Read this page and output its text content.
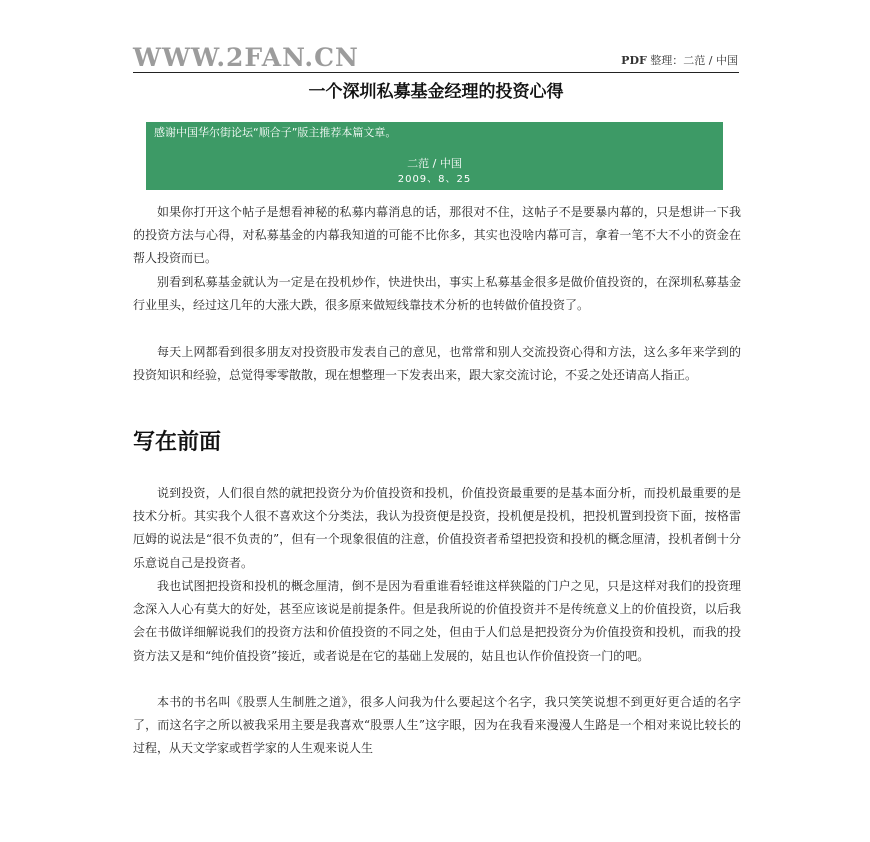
WWW.2FAN.CN	PDF 整理：二范 / 中国
一个深圳私募基金经理的投资心得
感谢中国华尔街论坛“顺合子”版主推荐本篇文章。
二范 / 中国
2009、8、25

如果你打开这个帖子是想看神秘的私募内幕消息的话，那很对不住，这帖子不是要暴内幕的，只是想讲一下我的投资方法与心得，对私募基金的内幕我知道的可能不比你多，其实也没啥内幕可言，拿着一笔不大不小的资金在帮人投资而已。

别看到私募基金就认为一定是在投机炒作，快进快出，事实上私募基金很多是做价值投资的，在深圳私募基金行业里头，经过这几年的大涨大跌，很多原来做短线靠技术分析的也转做价值投资了。

每天上网都看到很多朋友对投资股市发表自己的意见，也常常和别人交流投资心得和方法，这么多年来学到的投资知识和经验，总觉得零零散散，现在想整理一下发表出来，跟大家交流讨论，不妥之处还请高人指正。

写在前面

说到投资，人们很自然的就把投资分为价值投资和投机，价值投资最重要的是基本面分析，而投机最重要的是技术分析。其实我个人很不喜欢这个分类法，我认为投资便是投资，投机便是投机，把投机置到投资下面，按格雷厄姆的说法是“很不负责的”，但有一个现象很值的注意，价值投资者希望把投资和投机的概念厘清，投机者倒十分乐意说自己是投资者。

我也试图把投资和投机的概念厘清，倒不是因为看重谁看轻谁这样狭隘的门户之见，只是这样对我们的投资理念深入人心有莫大的好处，甚至应该说是前提条件。但是我所说的价值投资并不是传统意义上的价值投资，以后我会在书做详细解说我们的投资方法和价值投资的不同之处，但由于人们总是把投资分为价值投资和投机，而我的投资方法又是和“纯价值投资”接近，或者说是在它的基础上发展的，姑且也认作价值投资一门的吧。

本书的书名叫《股票人生制胜之道》，很多人问我为什么要起这个名字，我只笑笑说想不到更好更合适的名字了，而这名字之所以被我采用主要是我喜欢“股票人生”这字眼，因为在我看来漫漫人生路是一个相对来说比较长的过程，从天文学家或哲学家的人生观来说人生
